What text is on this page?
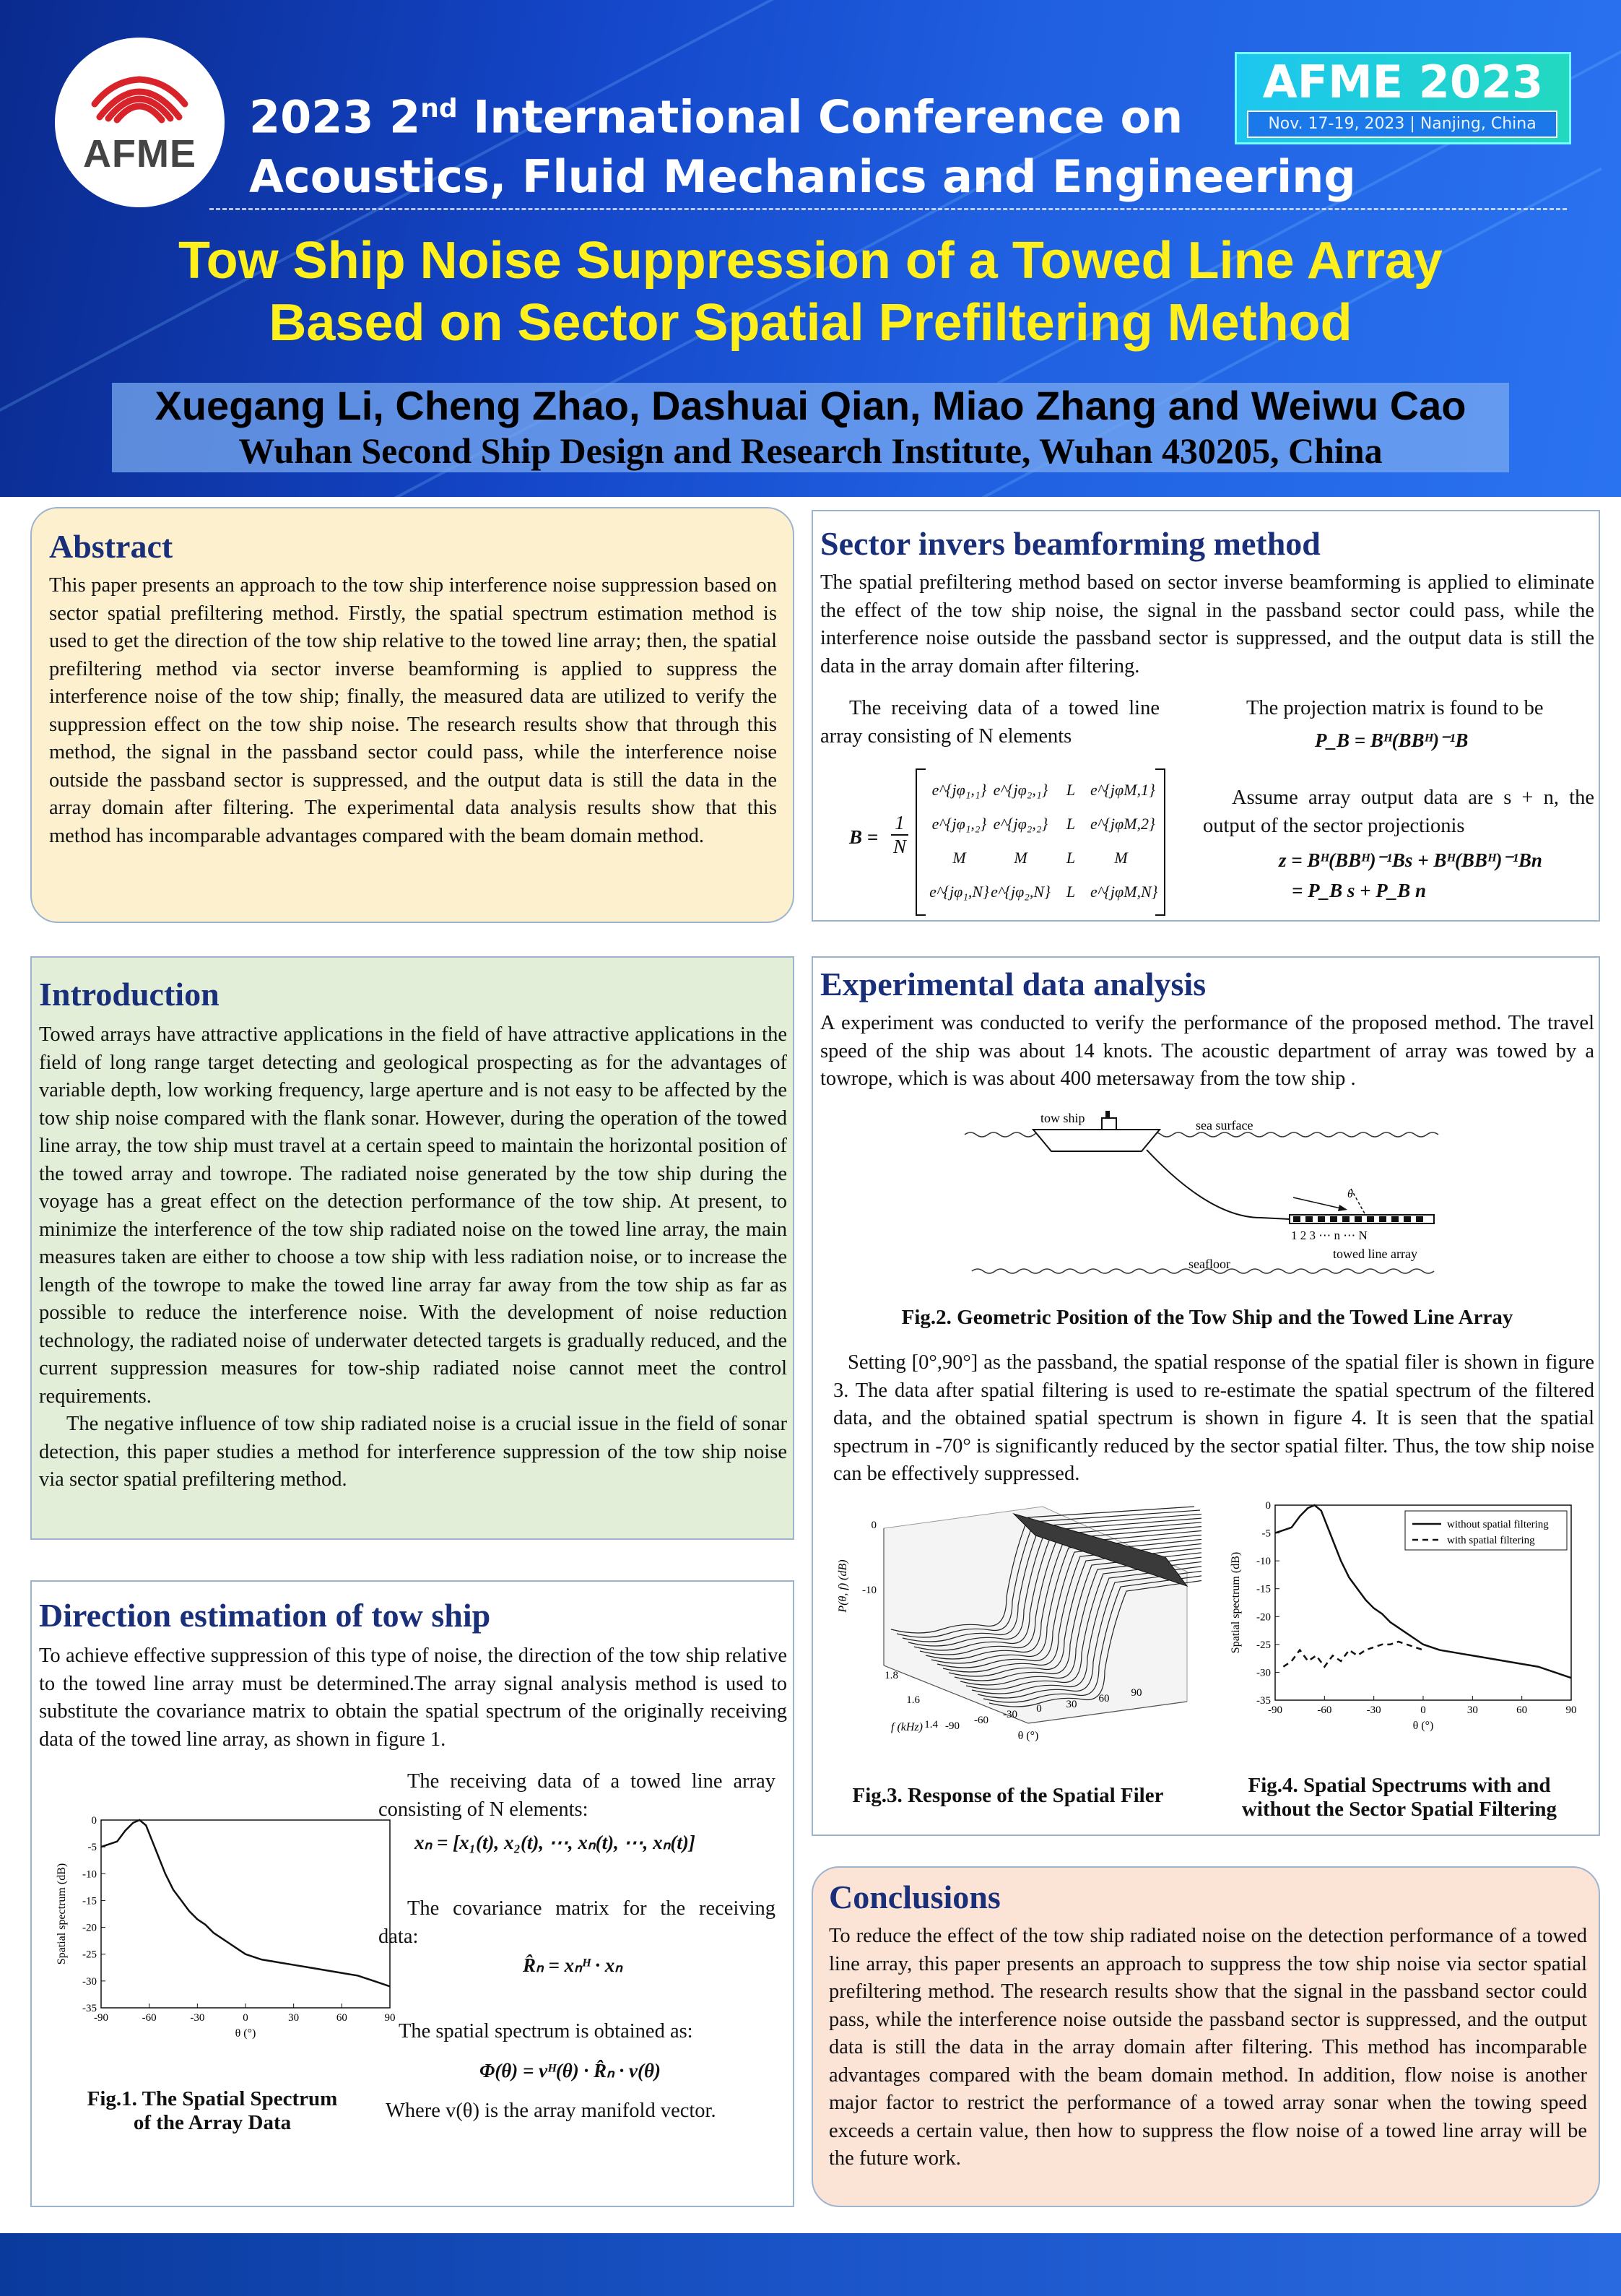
AFME
2023 2nd International Conference on
Acoustics, Fluid Mechanics and Engineering
AFME 2023
Nov. 17-19, 2023 | Nanjing, China
Tow Ship Noise Suppression of a Towed Line Array
Based on Sector Spatial Prefiltering Method
Xuegang Li, Cheng Zhao, Dashuai Qian, Miao Zhang and Weiwu Cao
Wuhan Second Ship Design and Research Institute, Wuhan 430205, China
Abstract
This paper presents an approach to the tow ship interference noise suppression based on sector spatial prefiltering method. Firstly, the spatial spectrum estimation method is used to get the direction of the tow ship relative to the towed line array; then, the spatial prefiltering method via sector inverse beamforming is applied to suppress the interference noise of the tow ship; finally, the measured data are utilized to verify the suppression effect on the tow ship noise. The research results show that through this method, the signal in the passband sector could pass, while the interference noise outside the passband sector is suppressed, and the output data is still the data in the array domain after filtering. The experimental data analysis results show that this method has incomparable advantages compared with the beam domain method.
Introduction
Towed arrays have attractive applications in the field of have attractive applications in the field of long range target detecting and geological prospecting as for the advantages of variable depth, low working frequency, large aperture and is not easy to be affected by the tow ship noise compared with the flank sonar. However, during the operation of the towed line array, the tow ship must travel at a certain speed to maintain the horizontal position of the towed array and towrope. The radiated noise generated by the tow ship during the voyage has a great effect on the detection performance of the tow ship. At present, to minimize the interference of the tow ship radiated noise on the towed line array, the main measures taken are either to choose a tow ship with less radiation noise, or to increase the length of the towrope to make the towed line array far away from the tow ship as far as possible to reduce the interference noise. With the development of noise reduction technology, the radiated noise of underwater detected targets is gradually reduced, and the current suppression measures for tow-ship radiated noise cannot meet the control requirements.
The negative influence of tow ship radiated noise is a crucial issue in the field of sonar detection, this paper studies a method for interference suppression of the tow ship noise via sector spatial prefiltering method.
Direction estimation of tow ship
To achieve effective suppression of this type of noise, the direction of the tow ship relative to the towed line array must be determined.The array signal analysis method is used to substitute the covariance matrix to obtain the spatial spectrum of the originally receiving data of the towed line array, as shown in figure 1.
-90	-60	-30	0	30	60	90
0
-5
-10
-15
-20
-25
-30
-35
θ (°)
Spatial spectrum (dB)
Fig.1. The Spatial Spectrum
of the Array Data
The receiving data of a towed line array consisting of N elements:
xₙ = [x₁(t), x₂(t), ⋯, xₙ(t), ⋯, xₙ(t)]
The covariance matrix for the receiving data:
R̂ₙ = xₙᴴ · xₙ
The spatial spectrum is obtained as:
Φ(θ) = vᴴ(θ) · R̂ₙ · v(θ)
Where v(θ) is the array manifold vector.
Sector invers beamforming method
The spatial prefiltering method based on sector inverse beamforming is applied to eliminate the effect of the tow ship noise, the signal in the passband sector could pass, while the interference noise outside the passband sector is suppressed, and the output data is still the data in the array domain after filtering.
The receiving data of a towed line array consisting of N elements
$B = \frac{1}{N}$
e^{jφ₁,₁} e^{jφ₂,₁}	L e^{jφM,1}
e^{jφ₁,₂} e^{jφ₂,₂}	L e^{jφM,2}
M	M	L	M
e^{jφ₁,N} e^{jφ₂,N}	L e^{jφM,N}
The projection matrix is found to be
P_B = Bᴴ(BBᴴ)⁻¹B
Assume array output data are s + n, the output of the sector projectionis
z = Bᴴ(BBᴴ)⁻¹Bs + Bᴴ(BBᴴ)⁻¹Bn
= P_B s + P_B n
Experimental data analysis
A experiment was conducted to verify the performance of the proposed method. The travel speed of the ship was about 14 knots. The acoustic department of array was towed by a towrope, which is was about 400 metersaway from the tow ship .
tow ship	sea surface
θ
1 2 3 ⋯ n ⋯ N
towed line array
seafloor
Fig.2. Geometric Position of the Tow Ship and the Towed Line Array
Setting [0°,90°] as the passband, the spatial response of the spatial filer is shown in figure 3. The data after spatial filtering is used to re-estimate the spatial spectrum of the filtered data, and the obtained spatial spectrum is shown in figure 4. It is seen that the spatial spectrum in -70° is significantly reduced by the sector spatial filter. Thus, the tow ship noise can be effectively suppressed.
P(θ, f) (dB)
0
-10
1.8
1.6
1.4
f (kHz) -90 -60 -30 0 30 60 90
θ (°)
Fig.3. Response of the Spatial Filer
-90	-60	-30	0	30	60	90
0
-5
-10
-15
-20
-25
-30
-35
θ (°)
Spatial spectrum (dB)
without spatial filtering
with spatial filtering
Fig.4. Spatial Spectrums with and
without the Sector Spatial Filtering
Conclusions
To reduce the effect of the tow ship radiated noise on the detection performance of a towed line array, this paper presents an approach to suppress the tow ship noise via sector spatial prefiltering method. The research results show that the signal in the passband sector could pass, while the interference noise outside the passband sector is suppressed, and the output data is still the data in the array domain after filtering. This method has incomparable advantages compared with the beam domain method. In addition, flow noise is another major factor to restrict the performance of a towed array sonar when the towing speed exceeds a certain value, then how to suppress the flow noise of a towed line array will be the future work.
